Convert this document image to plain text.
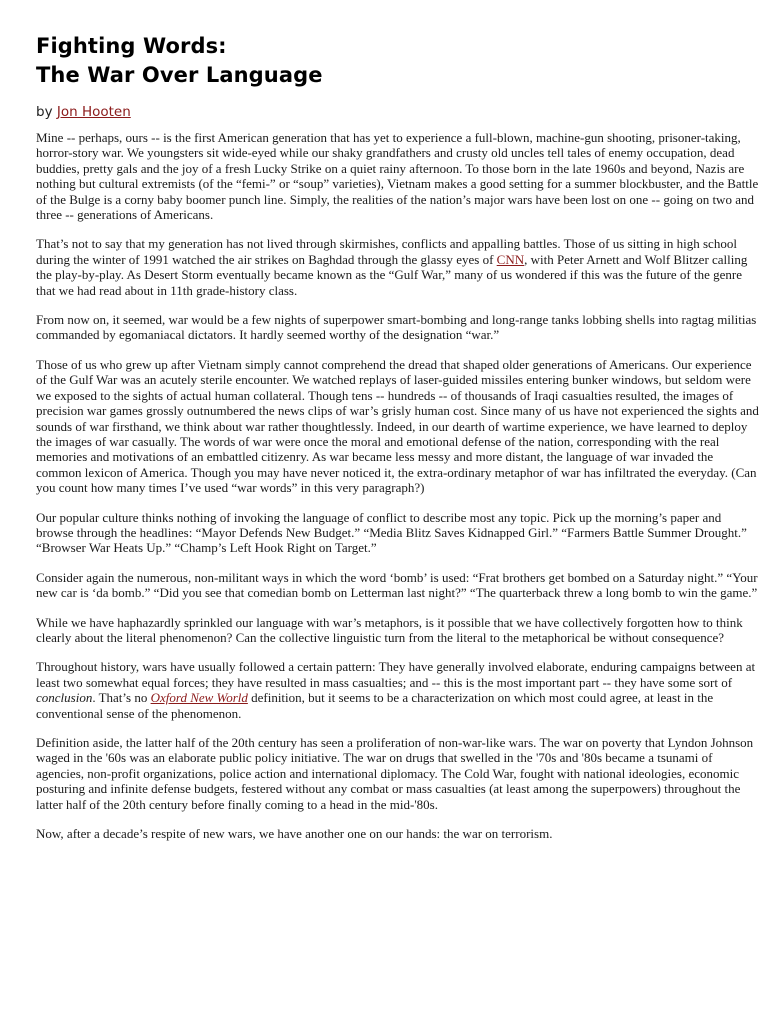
Fighting Words:
The War Over Language
by Jon Hooten

Mine -- perhaps, ours -- is the first American generation that has yet to experience a full-blown, machine-gun shooting, prisoner-taking, horror-story war. We youngsters sit wide-eyed while our shaky grandfathers and crusty old uncles tell tales of enemy occupation, dead buddies, pretty gals and the joy of a fresh Lucky Strike on a quiet rainy afternoon. To those born in the late 1960s and beyond, Nazis are nothing but cultural extremists (of the “femi-” or “soup” varieties), Vietnam makes a good setting for a summer blockbuster, and the Battle of the Bulge is a corny baby boomer punch line. Simply, the realities of the nation’s major wars have been lost on one -- going on two and three -- generations of Americans.

That’s not to say that my generation has not lived through skirmishes, conflicts and appalling battles. Those of us sitting in high school during the winter of 1991 watched the air strikes on Baghdad through the glassy eyes of CNN, with Peter Arnett and Wolf Blitzer calling the play-by-play. As Desert Storm eventually became known as the “Gulf War,” many of us wondered if this was the future of the genre that we had read about in 11th grade-history class.

From now on, it seemed, war would be a few nights of superpower smart-bombing and long-range tanks lobbing shells into ragtag militias commanded by egomaniacal dictators. It hardly seemed worthy of the designation “war.”

Those of us who grew up after Vietnam simply cannot comprehend the dread that shaped older generations of Americans. Our experience of the Gulf War was an acutely sterile encounter. We watched replays of laser-guided missiles entering bunker windows, but seldom were we exposed to the sights of actual human collateral. Though tens -- hundreds -- of thousands of Iraqi casualties resulted, the images of precision war games grossly outnumbered the news clips of war’s grisly human cost. Since many of us have not experienced the sights and sounds of war firsthand, we think about war rather thoughtlessly. Indeed, in our dearth of wartime experience, we have learned to deploy the images of war casually. The words of war were once the moral and emotional defense of the nation, corresponding with the real memories and motivations of an embattled citizenry. As war became less messy and more distant, the language of war invaded the common lexicon of America. Though you may have never noticed it, the extra-ordinary metaphor of war has infiltrated the everyday. (Can you count how many times I’ve used “war words” in this very paragraph?)

Our popular culture thinks nothing of invoking the language of conflict to describe most any topic. Pick up the morning’s paper and browse through the headlines: “Mayor Defends New Budget.” “Media Blitz Saves Kidnapped Girl.” “Farmers Battle Summer Drought.” “Browser War Heats Up.” “Champ’s Left Hook Right on Target.”

Consider again the numerous, non-militant ways in which the word ‘bomb’ is used: “Frat brothers get bombed on a Saturday night.” “Your new car is ‘da bomb.” “Did you see that comedian bomb on Letterman last night?” “The quarterback threw a long bomb to win the game.”

While we have haphazardly sprinkled our language with war’s metaphors, is it possible that we have collectively forgotten how to think clearly about the literal phenomenon? Can the collective linguistic turn from the literal to the metaphorical be without consequence?

Throughout history, wars have usually followed a certain pattern: They have generally involved elaborate, enduring campaigns between at least two somewhat equal forces; they have resulted in mass casualties; and -- this is the most important part -- they have some sort of conclusion. That’s no Oxford New World definition, but it seems to be a characterization on which most could agree, at least in the conventional sense of the phenomenon.

Definition aside, the latter half of the 20th century has seen a proliferation of non-war-like wars. The war on poverty that Lyndon Johnson waged in the '60s was an elaborate public policy initiative. The war on drugs that swelled in the '70s and '80s became a tsunami of agencies, non-profit organizations, police action and international diplomacy. The Cold War, fought with national ideologies, economic posturing and infinite defense budgets, festered without any combat or mass casualties (at least among the superpowers) throughout the latter half of the 20th century before finally coming to a head in the mid-'80s.

Now, after a decade’s respite of new wars, we have another one on our hands: the war on terrorism.
